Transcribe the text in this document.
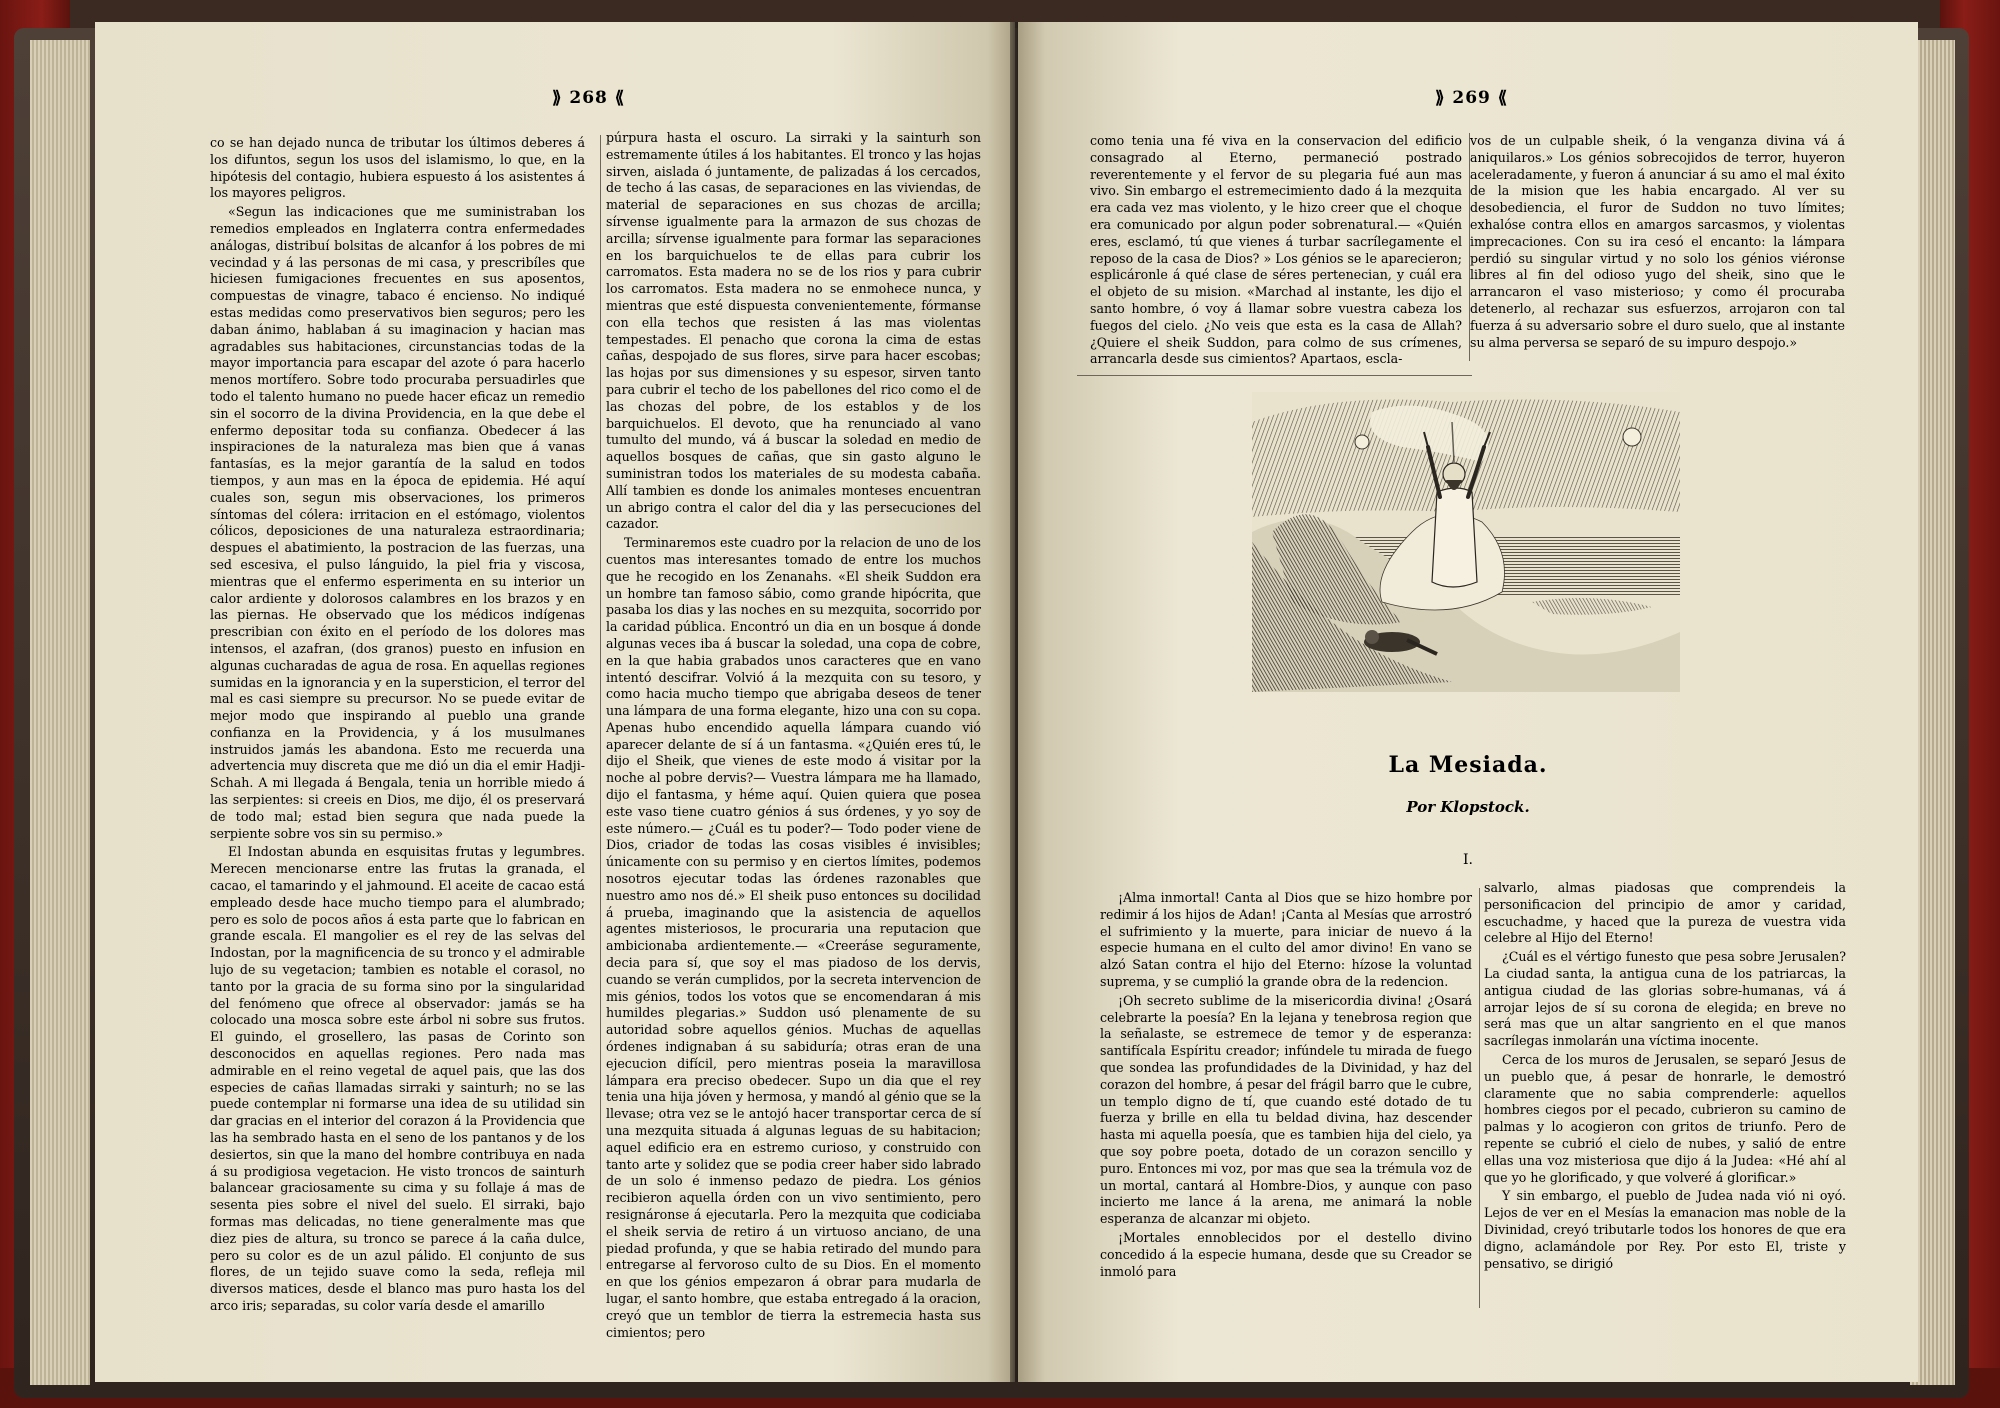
⟫ 268 ⟪

co se han dejado nunca de tributar los últimos deberes á los difuntos, segun los usos del islamismo, lo que, en la hipótesis del contagio, hubiera espuesto á los asistentes á los mayores peligros.

«Segun las indicaciones que me suministraban los remedios empleados en Inglaterra contra enfermedades análogas, distribuí bolsitas de alcanfor á los pobres de mi vecindad y á las personas de mi casa, y prescribíles que hiciesen fumigaciones frecuentes en sus aposentos, compuestas de vinagre, tabaco é encienso. No indiqué estas medidas como preservativos bien seguros; pero les daban ánimo, hablaban á su imaginacion y hacian mas agradables sus habitaciones, circunstancias todas de la mayor importancia para escapar del azote ó para hacerlo menos mortífero. Sobre todo procuraba persuadirles que todo el talento humano no puede hacer eficaz un remedio sin el socorro de la divina Providencia, en la que debe el enfermo depositar toda su confianza. Obedecer á las inspiraciones de la naturaleza mas bien que á vanas fantasías, es la mejor garantía de la salud en todos tiempos, y aun mas en la época de epidemia. Hé aquí cuales son, segun mis observaciones, los primeros síntomas del cólera: irritacion en el estómago, violentos cólicos, deposiciones de una naturaleza estraordinaria; despues el abatimiento, la postracion de las fuerzas, una sed escesiva, el pulso lánguido, la piel fria y viscosa, mientras que el enfermo esperimenta en su interior un calor ardiente y dolorosos calambres en los brazos y en las piernas. He observado que los médicos indígenas prescribian con éxito en el período de los dolores mas intensos, el azafran, (dos granos) puesto en infusion en algunas cucharadas de agua de rosa. En aquellas regiones sumidas en la ignorancia y en la supersticion, el terror del mal es casi siempre su precursor. No se puede evitar de mejor modo que inspirando al pueblo una grande confianza en la Providencia, y á los musulmanes instruidos jamás les abandona. Esto me recuerda una advertencia muy discreta que me dió un dia el emir Hadji-Schah. A mi llegada á Bengala, tenia un horrible miedo á las serpientes: si creeis en Dios, me dijo, él os preservará de todo mal; estad bien segura que nada puede la serpiente sobre vos sin su permiso.»

El Indostan abunda en esquisitas frutas y legumbres. Merecen mencionarse entre las frutas la granada, el cacao, el tamarindo y el jahmound. El aceite de cacao está empleado desde hace mucho tiempo para el alumbrado; pero es solo de pocos años á esta parte que lo fabrican en grande escala. El mangolier es el rey de las selvas del Indostan, por la magnificencia de su tronco y el admirable lujo de su vegetacion; tambien es notable el corasol, no tanto por la gracia de su forma sino por la singularidad del fenómeno que ofrece al observador: jamás se ha colocado una mosca sobre este árbol ni sobre sus frutos. El guindo, el grosellero, las pasas de Corinto son desconocidos en aquellas regiones. Pero nada mas admirable en el reino vegetal de aquel pais, que las dos especies de cañas llamadas sirraki y sainturh; no se las puede contemplar ni formarse una idea de su utilidad sin dar gracias en el interior del corazon á la Providencia que las ha sembrado hasta en el seno de los pantanos y de los desiertos, sin que la mano del hombre contribuya en nada á su prodigiosa vegetacion. He visto troncos de sainturh balancear graciosamente su cima y su follaje á mas de sesenta pies sobre el nivel del suelo. El sirraki, bajo formas mas delicadas, no tiene generalmente mas que diez pies de altura, su tronco se parece á la caña dulce, pero su color es de un azul pálido. El conjunto de sus flores, de un tejido suave como la seda, refleja mil diversos matices, desde el blanco mas puro hasta los del arco iris; separadas, su color varía desde el amarillo

púrpura hasta el oscuro. La sirraki y la sainturh son estremamente útiles á los habitantes. El tronco y las hojas sirven, aislada ó juntamente, de palizadas á los cercados, de techo á las casas, de separaciones en las viviendas, de material de separaciones en sus chozas de arcilla; sírvense igualmente para la armazon de sus chozas de arcilla; sírvense igualmente para formar las separaciones en los barquichuelos te de ellas para cubrir los carromatos. Esta madera no se de los rios y para cubrir los carromatos. Esta madera no se enmohece nunca, y mientras que esté dispuesta convenientemente, fórmanse con ella techos que resisten á las mas violentas tempestades. El penacho que corona la cima de estas cañas, despojado de sus flores, sirve para hacer escobas; las hojas por sus dimensiones y su espesor, sirven tanto para cubrir el techo de los pabellones del rico como el de las chozas del pobre, de los establos y de los barquichuelos. El devoto, que ha renunciado al vano tumulto del mundo, vá á buscar la soledad en medio de aquellos bosques de cañas, que sin gasto alguno le suministran todos los materiales de su modesta cabaña. Allí tambien es donde los animales monteses encuentran un abrigo contra el calor del dia y las persecuciones del cazador.

Terminaremos este cuadro por la relacion de uno de los cuentos mas interesantes tomado de entre los muchos que he recogido en los Zenanahs. «El sheik Suddon era un hombre tan famoso sábio, como grande hipócrita, que pasaba los dias y las noches en su mezquita, socorrido por la caridad pública. Encontró un dia en un bosque á donde algunas veces iba á buscar la soledad, una copa de cobre, en la que habia grabados unos caracteres que en vano intentó descifrar. Volvió á la mezquita con su tesoro, y como hacia mucho tiempo que abrigaba deseos de tener una lámpara de una forma elegante, hizo una con su copa. Apenas hubo encendido aquella lámpara cuando vió aparecer delante de sí á un fantasma. «¿Quién eres tú, le dijo el Sheik, que vienes de este modo á visitar por la noche al pobre dervis?— Vuestra lámpara me ha llamado, dijo el fantasma, y héme aquí. Quien quiera que posea este vaso tiene cuatro génios á sus órdenes, y yo soy de este número.— ¿Cuál es tu poder?— Todo poder viene de Dios, criador de todas las cosas visibles é invisibles; únicamente con su permiso y en ciertos límites, podemos nosotros ejecutar todas las órdenes razonables que nuestro amo nos dé.» El sheik puso entonces su docilidad á prueba, imaginando que la asistencia de aquellos agentes misteriosos, le procuraria una reputacion que ambicionaba ardientemente.— «Creeráse seguramente, decia para sí, que soy el mas piadoso de los dervis, cuando se verán cumplidos, por la secreta intervencion de mis génios, todos los votos que se encomendaran á mis humildes plegarias.» Suddon usó plenamente de su autoridad sobre aquellos génios. Muchas de aquellas órdenes indignaban á su sabiduría; otras eran de una ejecucion difícil, pero mientras poseia la maravillosa lámpara era preciso obedecer. Supo un dia que el rey tenia una hija jóven y hermosa, y mandó al génio que se la llevase; otra vez se le antojó hacer transportar cerca de sí una mezquita situada á algunas leguas de su habitacion; aquel edificio era en estremo curioso, y construido con tanto arte y solidez que se podia creer haber sido labrado de un solo é inmenso pedazo de piedra. Los génios recibieron aquella órden con un vivo sentimiento, pero resignáronse á ejecutarla. Pero la mezquita que codiciaba el sheik servia de retiro á un virtuoso anciano, de una piedad profunda, y que se habia retirado del mundo para entregarse al fervoroso culto de su Dios. En el momento en que los génios empezaron á obrar para mudarla de lugar, el santo hombre, que estaba entregado á la oracion, creyó que un temblor de tierra la estremecia hasta sus cimientos; pero

⟫ 269 ⟪

como tenia una fé viva en la conservacion del edificio consagrado al Eterno, permaneció postrado reverentemente y el fervor de su plegaria fué aun mas vivo. Sin embargo el estremecimiento dado á la mezquita era cada vez mas violento, y le hizo creer que el choque era comunicado por algun poder sobrenatural.— «Quién eres, esclamó, tú que vienes á turbar sacrílegamente el reposo de la casa de Dios? » Los génios se le aparecieron; esplicáronle á qué clase de séres pertenecian, y cuál era el objeto de su mision. «Marchad al instante, les dijo el santo hombre, ó voy á llamar sobre vuestra cabeza los fuegos del cielo. ¿No veis que esta es la casa de Allah? ¿Quiere el sheik Suddon, para colmo de sus crímenes, arrancarla desde sus cimientos? Apartaos, escla-

vos de un culpable sheik, ó la venganza divina vá á aniquilaros.» Los génios sobrecojidos de terror, huyeron aceleradamente, y fueron á anunciar á su amo el mal éxito de la mision que les habia encargado. Al ver su desobediencia, el furor de Suddon no tuvo límites; exhalóse contra ellos en amargos sarcasmos, y violentas imprecaciones. Con su ira cesó el encanto: la lámpara perdió su singular virtud y no solo los génios viéronse libres al fin del odioso yugo del sheik, sino que le arrancaron el vaso misterioso; y como él procuraba detenerlo, al rechazar sus esfuerzos, arrojaron con tal fuerza á su adversario sobre el duro suelo, que al instante su alma perversa se separó de su impuro despojo.»

La Mesiada.
Por Klopstock.
I.

¡Alma inmortal! Canta al Dios que se hizo hombre por redimir á los hijos de Adan! ¡Canta al Mesías que arrostró el sufrimiento y la muerte, para iniciar de nuevo á la especie humana en el culto del amor divino! En vano se alzó Satan contra el hijo del Eterno: hízose la voluntad suprema, y se cumplió la grande obra de la redencion.

¡Oh secreto sublime de la misericordia divina! ¿Osará celebrarte la poesía? En la lejana y tenebrosa region que la señalaste, se estremece de temor y de esperanza: santifícala Espíritu creador; infúndele tu mirada de fuego que sondea las profundidades de la Divinidad, y haz del corazon del hombre, á pesar del frágil barro que le cubre, un templo digno de tí, que cuando esté dotado de tu fuerza y brille en ella tu beldad divina, haz descender hasta mi aquella poesía, que es tambien hija del cielo, ya que soy pobre poeta, dotado de un corazon sencillo y puro. Entonces mi voz, por mas que sea la trémula voz de un mortal, cantará al Hombre-Dios, y aunque con paso incierto me lance á la arena, me animará la noble esperanza de alcanzar mi objeto.

¡Mortales ennoblecidos por el destello divino concedido á la especie humana, desde que su Creador se inmoló para

salvarlo, almas piadosas que comprendeis la personificacion del principio de amor y caridad, escuchadme, y haced que la pureza de vuestra vida celebre al Hijo del Eterno!

¿Cuál es el vértigo funesto que pesa sobre Jerusalen? La ciudad santa, la antigua cuna de los patriarcas, la antigua ciudad de las glorias sobre-humanas, vá á arrojar lejos de sí su corona de elegida; en breve no será mas que un altar sangriento en el que manos sacrílegas inmolarán una víctima inocente.

Cerca de los muros de Jerusalen, se separó Jesus de un pueblo que, á pesar de honrarle, le demostró claramente que no sabia comprenderle: aquellos hombres ciegos por el pecado, cubrieron su camino de palmas y lo acogieron con gritos de triunfo. Pero de repente se cubrió el cielo de nubes, y salió de entre ellas una voz misteriosa que dijo á la Judea: «Hé ahí al que yo he glorificado, y que volveré á glorificar.»

Y sin embargo, el pueblo de Judea nada vió ni oyó. Lejos de ver en el Mesías la emanacion mas noble de la Divinidad, creyó tributarle todos los honores de que era digno, aclamándole por Rey. Por esto El, triste y pensativo, se dirigió
